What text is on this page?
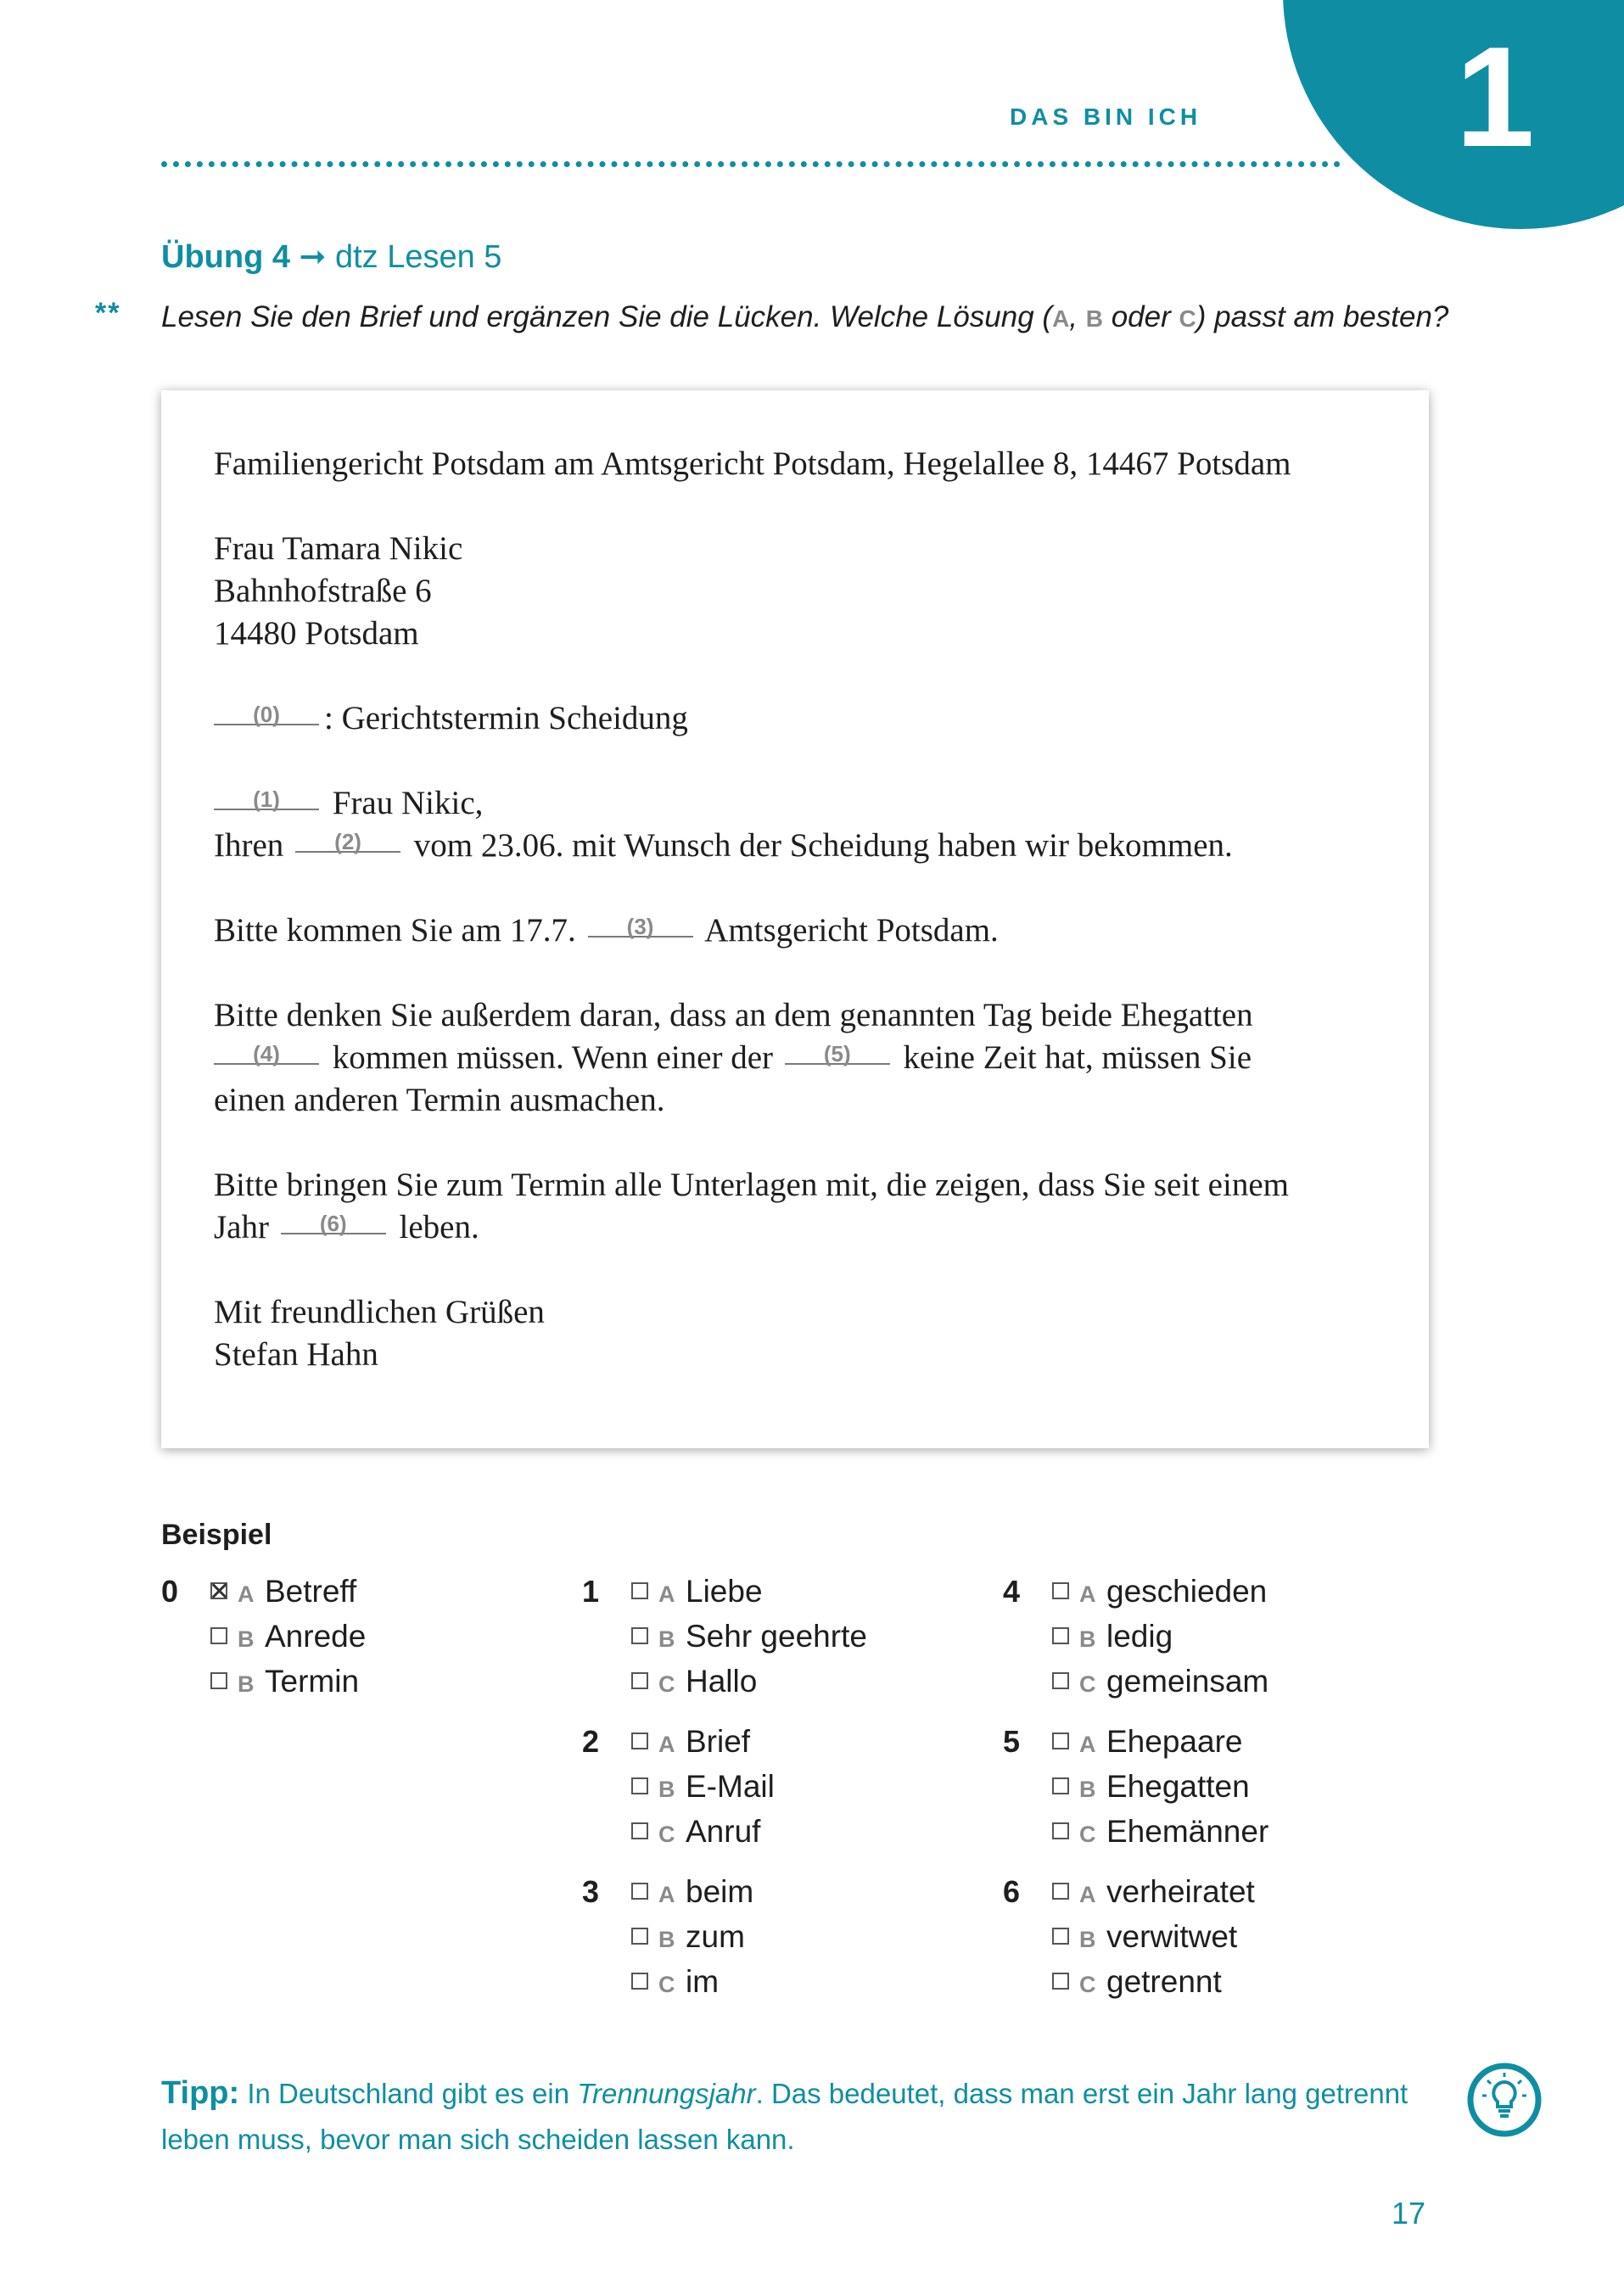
1
DAS BIN ICH
Übung 4 ➞ dtz Lesen 5
** Lesen Sie den Brief und ergänzen Sie die Lücken. Welche Lösung (A, B oder C) passt am besten?
Familiengericht Potsdam am Amtsgericht Potsdam, Hegelallee 8, 14467 Potsdam
Frau Tamara Nikic
Bahnhofstraße 6
14480 Potsdam
(0) : Gerichtstermin Scheidung
(1) Frau Nikic,
Ihren (2) vom 23.06. mit Wunsch der Scheidung haben wir bekommen.
Bitte kommen Sie am 17.7. (3) Amtsgericht Potsdam.
Bitte denken Sie außerdem daran, dass an dem genannten Tag beide Ehegatten
(4) kommen müssen. Wenn einer der (5) keine Zeit hat, müssen Sie
einen anderen Termin ausmachen.
Bitte bringen Sie zum Termin alle Unterlagen mit, die zeigen, dass Sie seit einem
Jahr (6) leben.
Mit freundlichen Grüßen
Stefan Hahn
Beispiel
0	A Betreff
B Anrede
B Termin
1	A Liebe
B Sehr geehrte
C Hallo
2	A Brief
B E-Mail
C Anruf
3	A beim
B zum
C im
4	A geschieden
B ledig
C gemeinsam
5	A Ehepaare
B Ehegatten
C Ehemänner
6	A verheiratet
B verwitwet
C getrennt
Tipp: In Deutschland gibt es ein Trennungsjahr. Das bedeutet, dass man erst ein Jahr lang getrennt leben muss, bevor man sich scheiden lassen kann.
17
